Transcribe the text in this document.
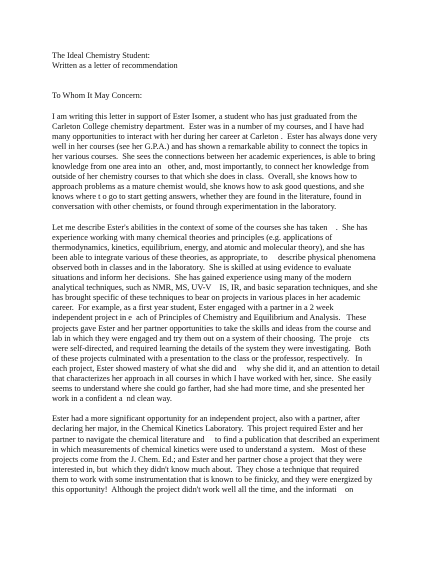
The Ideal Chemistry Student:
Written as a letter of recommendation
To Whom It May Concern:
I am writing this letter in support of Ester Isomer, a student who has just graduated from the
Carleton College chemistry department.  Ester was in a number of my courses, and I have had
many opportunities to interact with her during her career at Carleton .  Ester has always done very
well in her courses (see her G.P.A.) and has shown a remarkable ability to connect the topics in
her various courses.  She sees the connections between her academic experiences, is able to bring
knowledge from one area into an   other, and, most importantly, to connect her knowledge from
outside of her chemistry courses to that which she does in class.  Overall, she knows how to
approach problems as a mature chemist would, she knows how to ask good questions, and she
knows where t o go to start getting answers, whether they are found in the literature, found in
conversation with other chemists, or found through experimentation in the laboratory.
Let me describe Ester's abilities in the context of some of the courses she has taken    .  She has
experience working with many chemical theories and principles (e.g. applications of
thermodynamics, kinetics, equilibrium, energy, and atomic and molecular theory), and she has
been able to integrate various of these theories, as appropriate, to     describe physical phenomena
observed both in classes and in the laboratory.  She is skilled at using evidence to evaluate
situations and inform her decisions.  She has gained experience using many of the modern
analytical techniques, such as NMR, MS, UV-V    IS, IR, and basic separation techniques, and she
has brought specific of these techniques to bear on projects in various places in her academic
career.  For example, as a first year student, Ester engaged with a partner in a 2 week
independent project in e  ach of Principles of Chemistry and Equilibrium and Analysis.   These
projects gave Ester and her partner opportunities to take the skills and ideas from the course and
lab in which they were engaged and try them out on a system of their choosing.  The proje    cts
were self-directed, and required learning the details of the system they were investigating.  Both
of these projects culminated with a presentation to the class or the professor, respectively.   In
each project, Ester showed mastery of what she did and     why she did it, and an attention to detail
that characterizes her approach in all courses in which I have worked with her, since.  She easily
seems to understand where she could go farther, had she had more time, and she presented her
work in a confident a  nd clean way.
Ester had a more significant opportunity for an independent project, also with a partner, after
declaring her major, in the Chemical Kinetics Laboratory.  This project required Ester and her
partner to navigate the chemical literature and     to find a publication that described an experiment
in which measurements of chemical kinetics were used to understand a system.   Most of these
projects come from the J. Chem. Ed.; and Ester and her partner chose a project that they were
interested in, but  which they didn't know much about.  They chose a technique that required
them to work with some instrumentation that is known to be finicky, and they were energized by
this opportunity!  Although the project didn't work well all the time, and the informati    on
